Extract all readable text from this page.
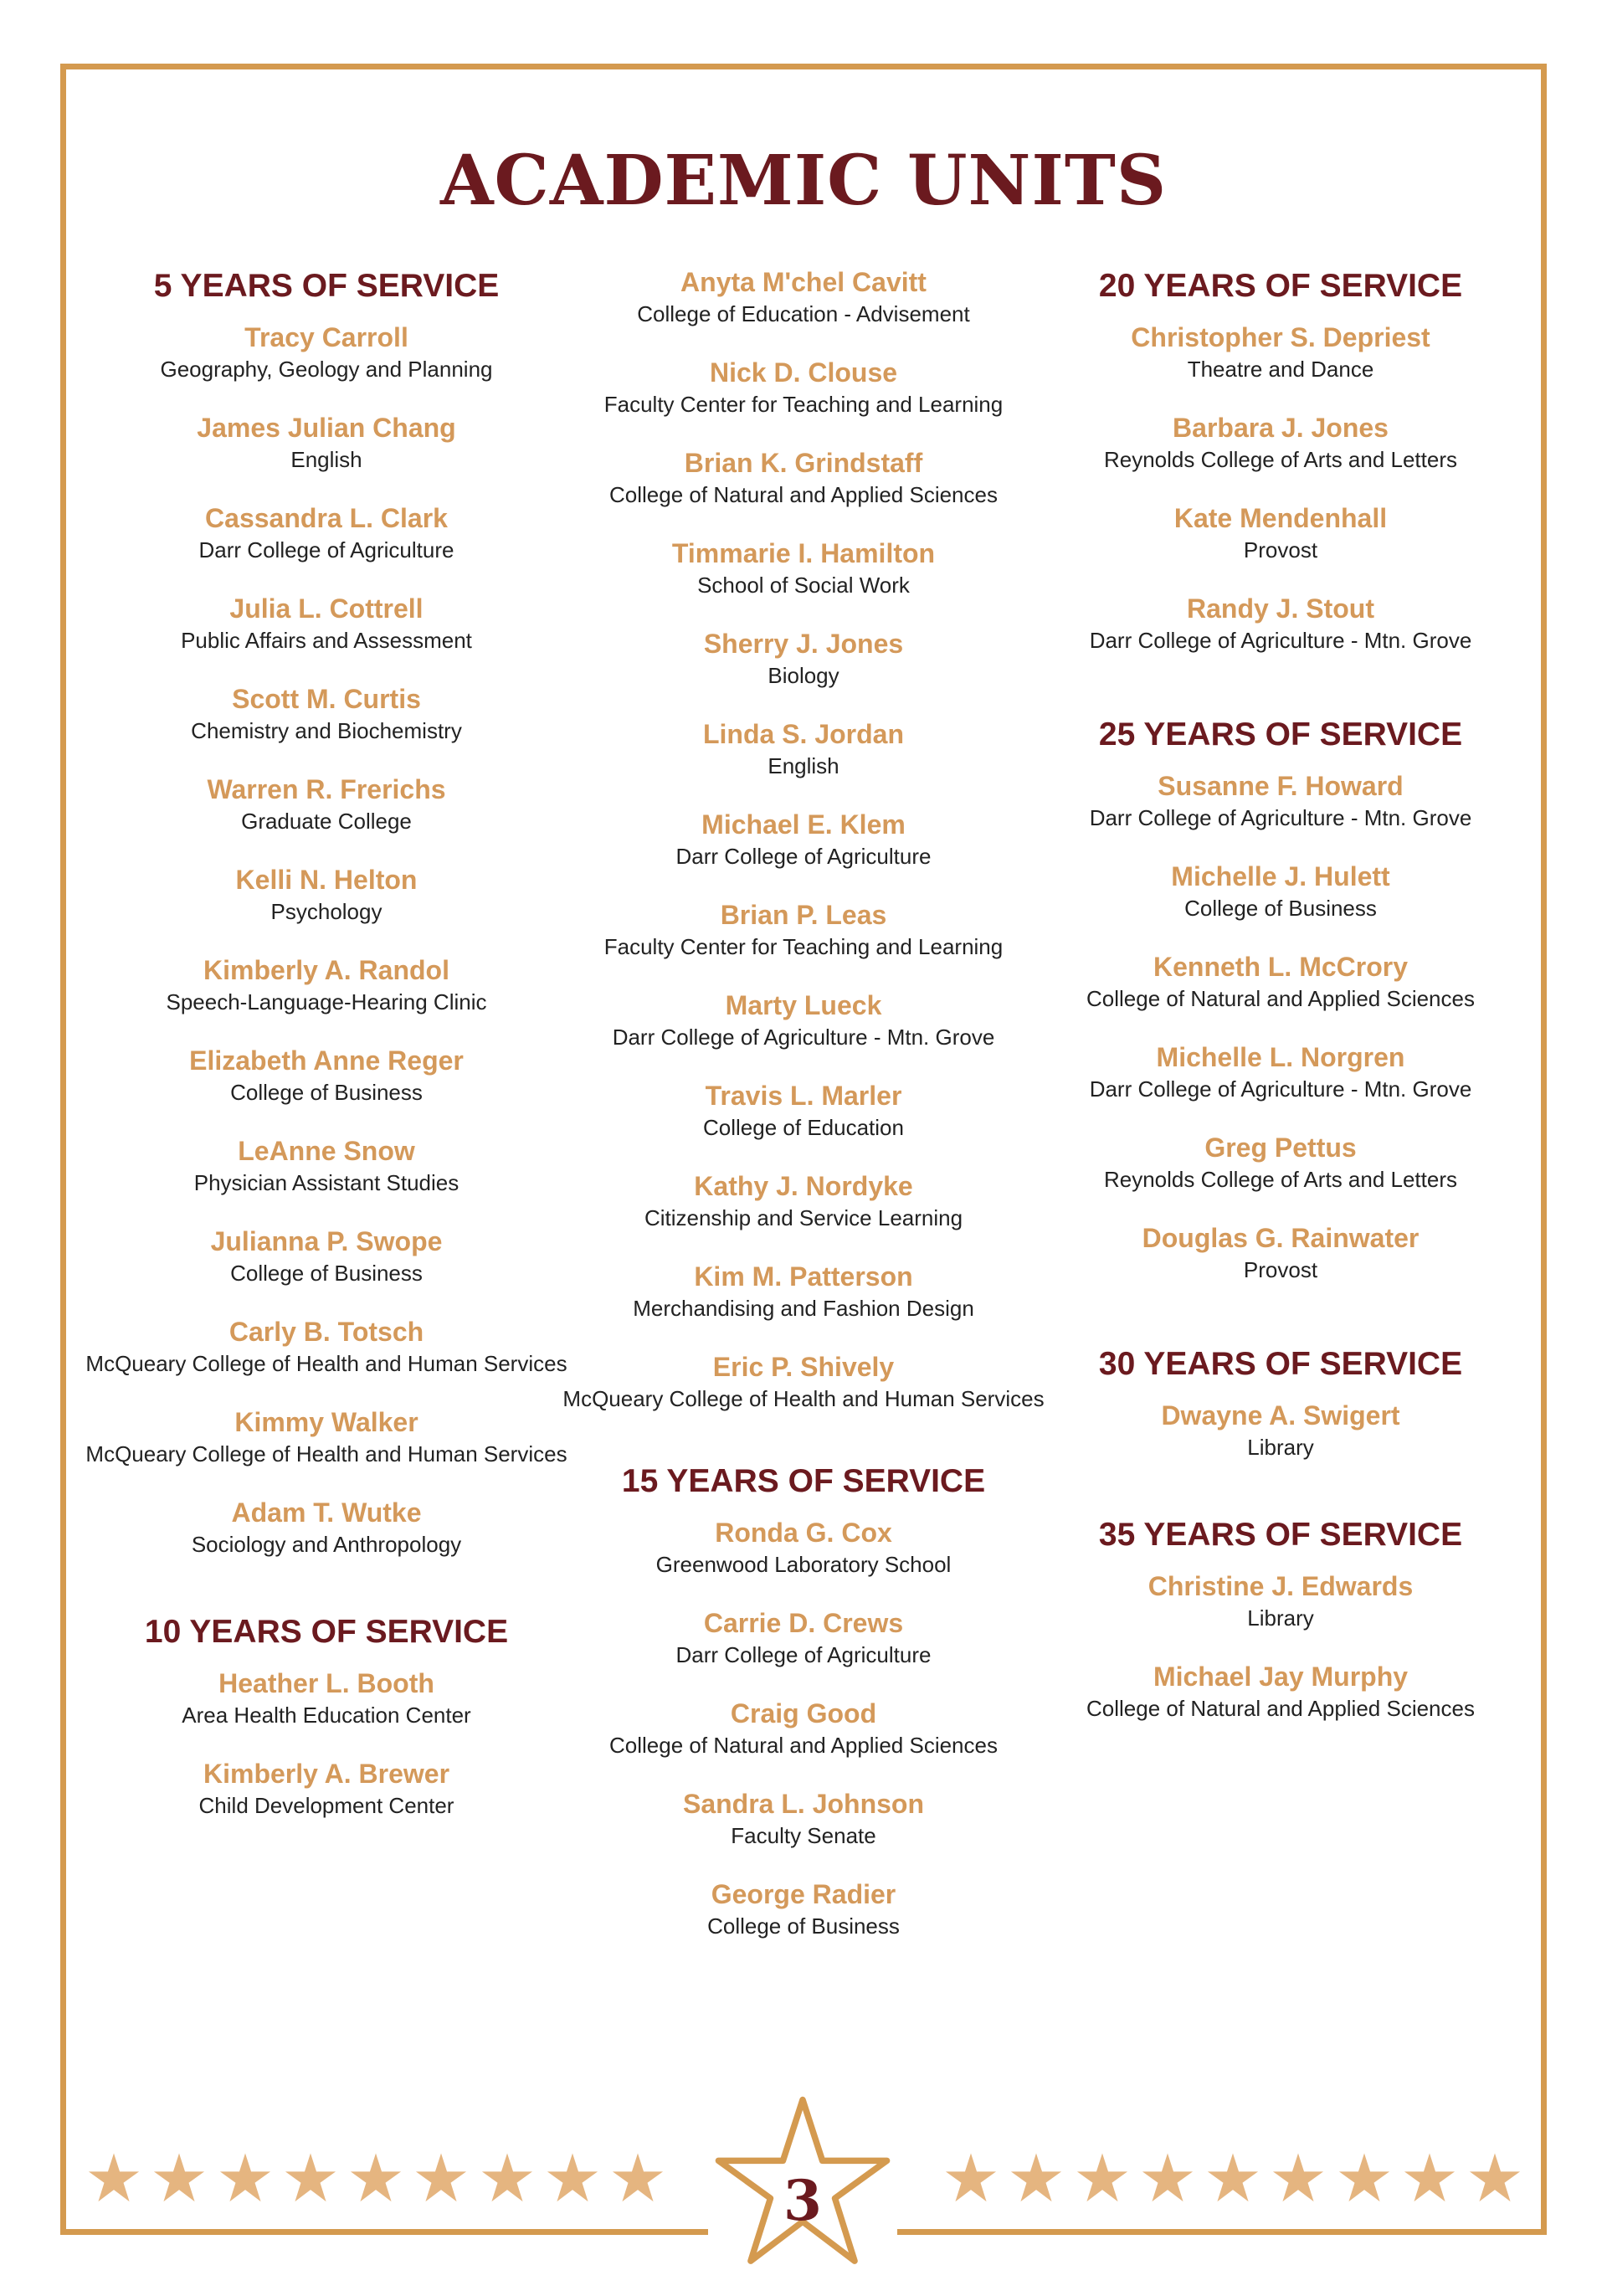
ACADEMIC UNITS
5 YEARS OF SERVICE
Tracy Carroll
Geography, Geology and Planning
James Julian Chang
English
Cassandra L. Clark
Darr College of Agriculture
Julia L. Cottrell
Public Affairs and Assessment
Scott M. Curtis
Chemistry and Biochemistry
Warren R. Frerichs
Graduate College
Kelli N. Helton
Psychology
Kimberly A. Randol
Speech-Language-Hearing Clinic
Elizabeth Anne Reger
College of Business
LeAnne Snow
Physician Assistant Studies
Julianna P. Swope
College of Business
Carly B. Totsch
McQueary College of Health and Human Services
Kimmy Walker
McQueary College of Health and Human Services
Adam T. Wutke
Sociology and Anthropology
10 YEARS OF SERVICE
Heather L. Booth
Area Health Education Center
Kimberly A. Brewer
Child Development Center
Anyta M'chel Cavitt
College of Education - Advisement
Nick D. Clouse
Faculty Center for Teaching and Learning
Brian K. Grindstaff
College of Natural and Applied Sciences
Timmarie I. Hamilton
School of Social Work
Sherry J. Jones
Biology
Linda S. Jordan
English
Michael E. Klem
Darr College of Agriculture
Brian P. Leas
Faculty Center for Teaching and Learning
Marty Lueck
Darr College of Agriculture - Mtn. Grove
Travis L. Marler
College of Education
Kathy J. Nordyke
Citizenship and Service Learning
Kim M. Patterson
Merchandising and Fashion Design
Eric P. Shively
McQueary College of Health and Human Services
15 YEARS OF SERVICE
Ronda G. Cox
Greenwood Laboratory School
Carrie D. Crews
Darr College of Agriculture
Craig Good
College of Natural and Applied Sciences
Sandra L. Johnson
Faculty Senate
George Radier
College of Business
20 YEARS OF SERVICE
Christopher S. Depriest
Theatre and Dance
Barbara J. Jones
Reynolds College of Arts and Letters
Kate Mendenhall
Provost
Randy J. Stout
Darr College of Agriculture - Mtn. Grove
25 YEARS OF SERVICE
Susanne F. Howard
Darr College of Agriculture - Mtn. Grove
Michelle J. Hulett
College of Business
Kenneth L. McCrory
College of Natural and Applied Sciences
Michelle L. Norgren
Darr College of Agriculture - Mtn. Grove
Greg Pettus
Reynolds College of Arts and Letters
Douglas G. Rainwater
Provost
30 YEARS OF SERVICE
Dwayne A. Swigert
Library
35 YEARS OF SERVICE
Christine J. Edwards
Library
Michael Jay Murphy
College of Natural and Applied Sciences
3
